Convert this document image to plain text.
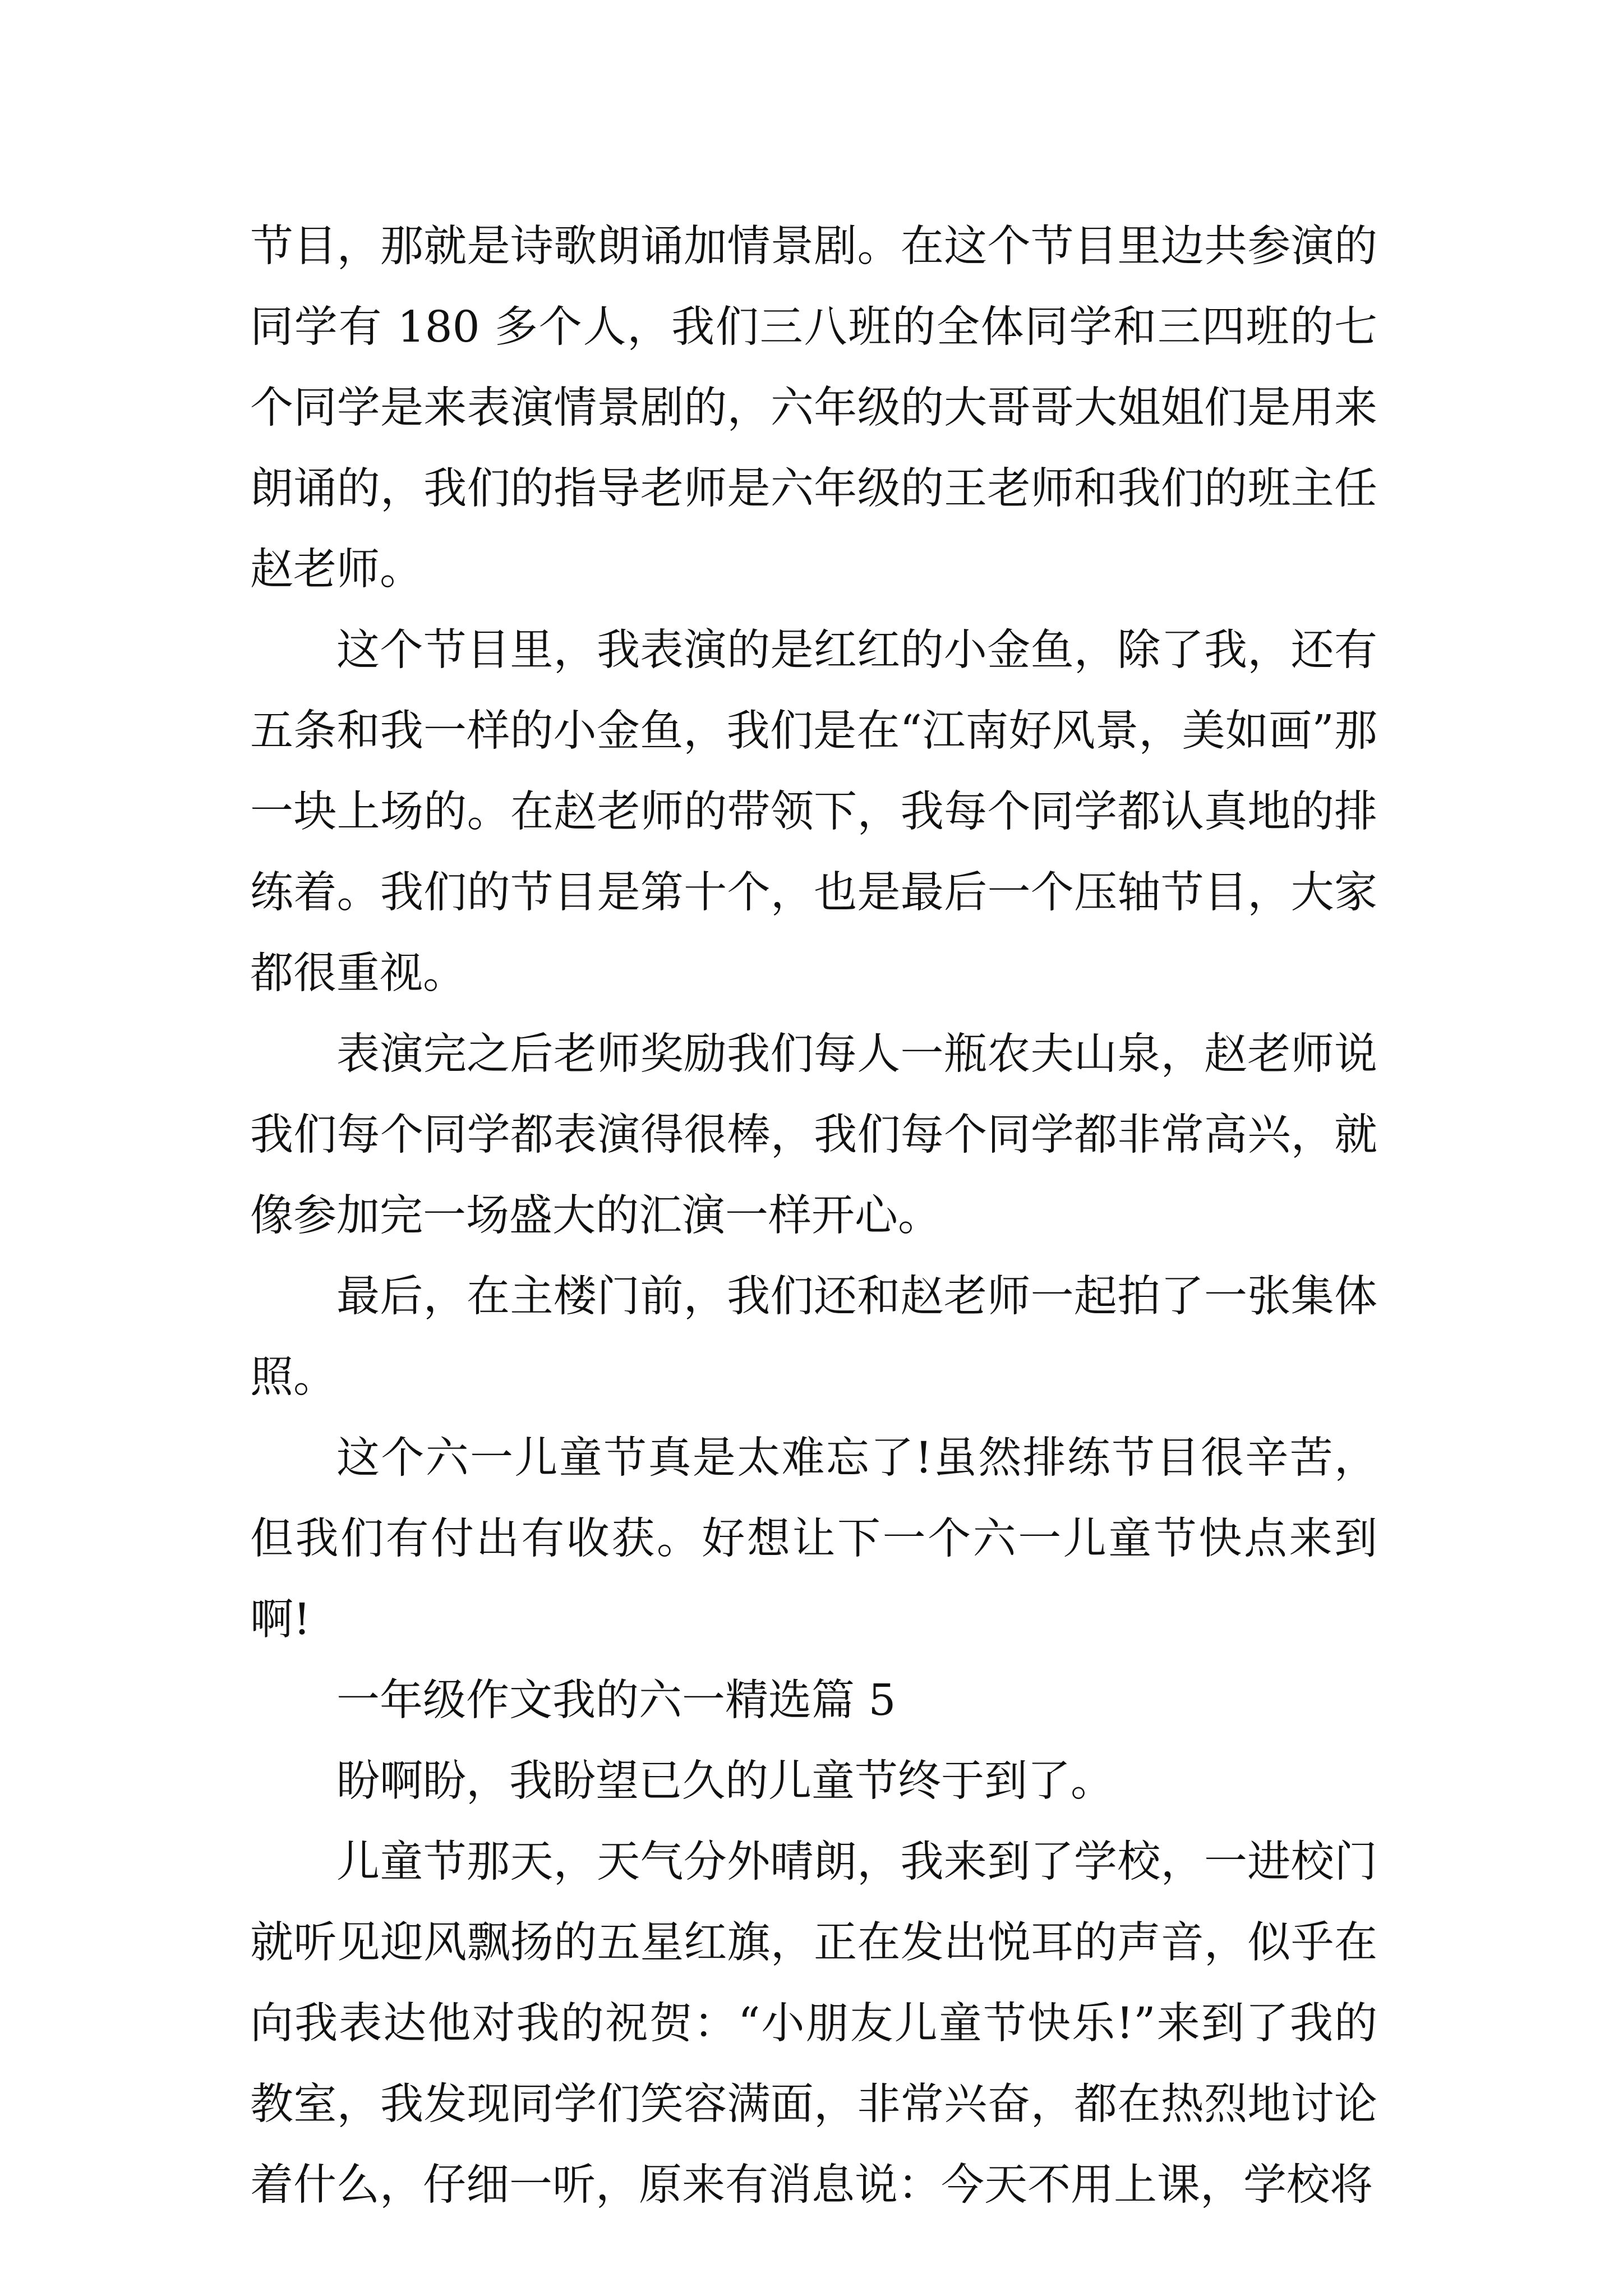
节目，那就是诗歌朗诵加情景剧。在这个节目里边共参演的同学有 180 多个人，我们三八班的全体同学和三四班的七个同学是来表演情景剧的，六年级的大哥哥大姐姐们是用来朗诵的，我们的指导老师是六年级的王老师和我们的班主任赵老师。

这个节目里，我表演的是红红的小金鱼，除了我，还有五条和我一样的小金鱼，我们是在“江南好风景，美如画”那一块上场的。在赵老师的带领下，我每个同学都认真地的排练着。我们的节目是第十个，也是最后一个压轴节目，大家都很重视。

表演完之后老师奖励我们每人一瓶农夫山泉，赵老师说我们每个同学都表演得很棒，我们每个同学都非常高兴，就像参加完一场盛大的汇演一样开心。

最后，在主楼门前，我们还和赵老师一起拍了一张集体照。

这个六一儿童节真是太难忘了!虽然排练节目很辛苦，但我们有付出有收获。好想让下一个六一儿童节快点来到啊!

一年级作文我的六一精选篇 5

盼啊盼，我盼望已久的儿童节终于到了。

儿童节那天，天气分外晴朗，我来到了学校，一进校门就听见迎风飘扬的五星红旗，正在发出悦耳的声音，似乎在向我表达他对我的祝贺：“小朋友儿童节快乐!”来到了我的教室，我发现同学们笑容满面，非常兴奋，都在热烈地讨论着什么，仔细一听，原来有消息说：今天不用上课，学校将
